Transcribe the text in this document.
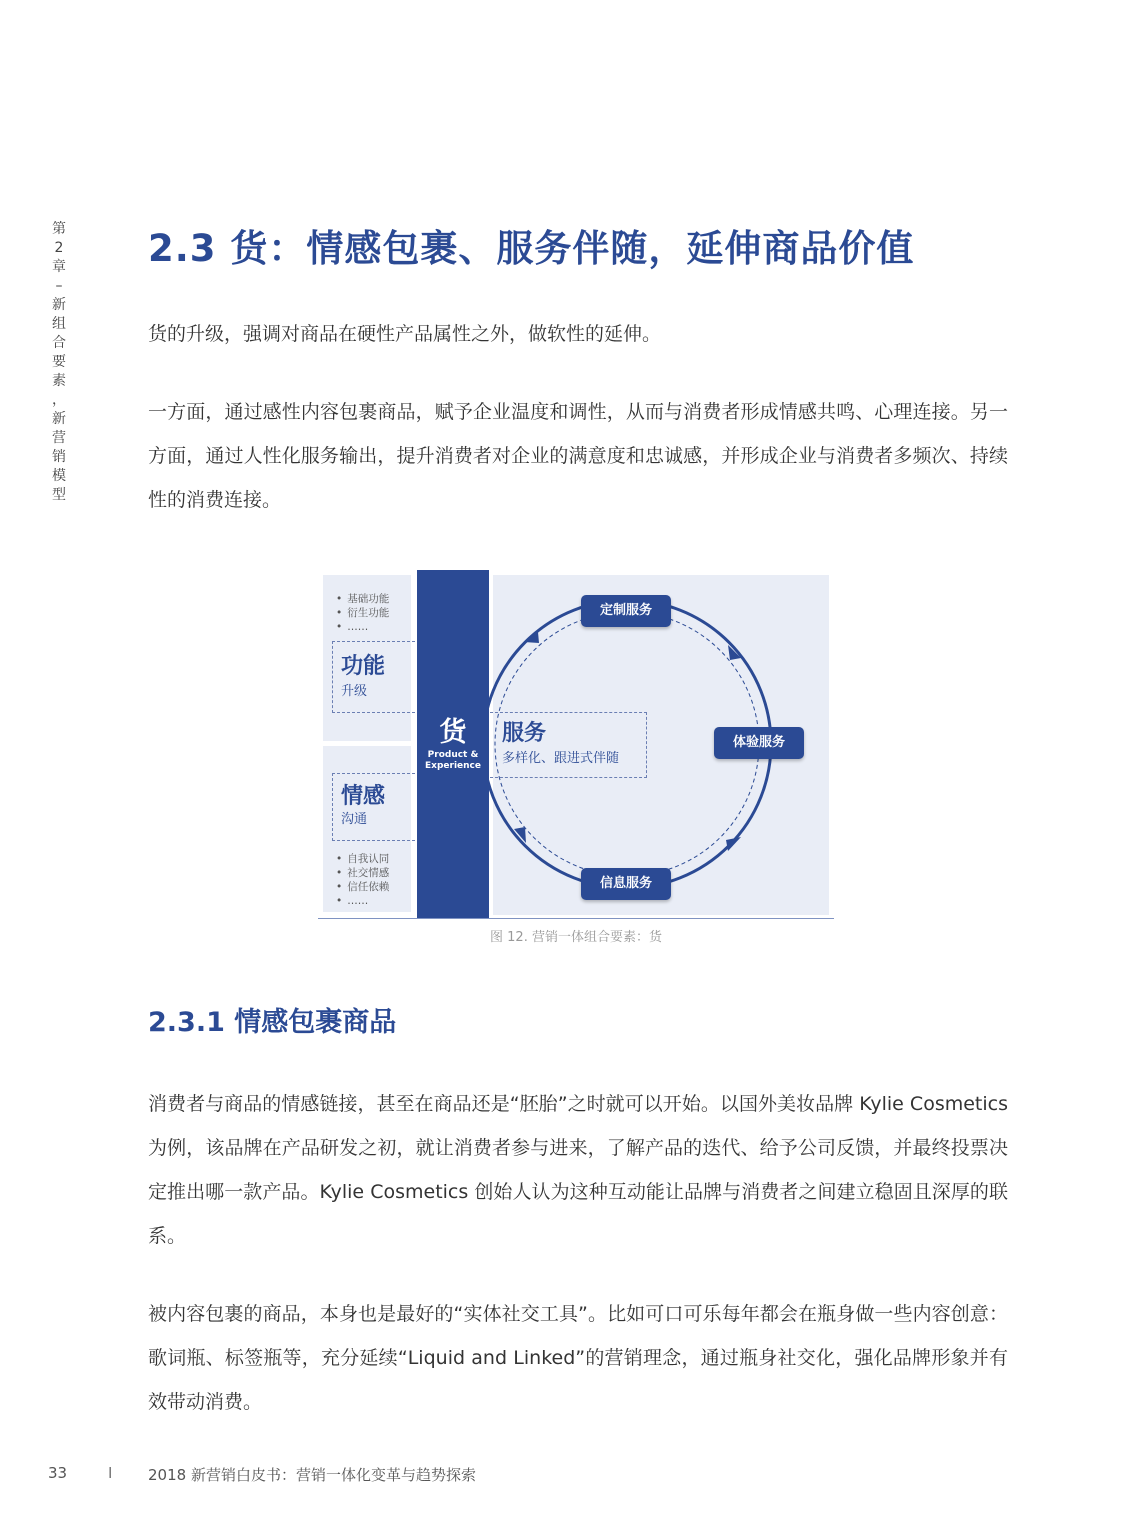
第
2
章
–
新
组
合
要
素
，
新
营
销
模
型
2.3 货：情感包裹、服务伴随，延伸商品价值
货的升级，强调对商品在硬性产品属性之外，做软性的延伸。
一方面，通过感性内容包裹商品，赋予企业温度和调性，从而与消费者形成情感共鸣、心理连接。另一方面，通过人性化服务输出，提升消费者对企业的满意度和忠诚感，并形成企业与消费者多频次、持续性的消费连接。
• 基础功能
• 衍生功能
• ……
功能
升级
情感
沟通
• 自我认同
• 社交情感
• 信任依赖
• ……
服务
多样化、跟进式伴随
货
Product &
Experience
定制服务
体验服务
信息服务
图 12. 营销一体组合要素：货
2.3.1 情感包裹商品
消费者与商品的情感链接，甚至在商品还是“胚胎”之时就可以开始。以国外美妆品牌 Kylie Cosmetics 为例，该品牌在产品研发之初，就让消费者参与进来，了解产品的迭代、给予公司反馈，并最终投票决定推出哪一款产品。Kylie Cosmetics 创始人认为这种互动能让品牌与消费者之间建立稳固且深厚的联系。
被内容包裹的商品，本身也是最好的“实体社交工具”。比如可口可乐每年都会在瓶身做一些内容创意：歌词瓶、标签瓶等，充分延续“Liquid and Linked”的营销理念，通过瓶身社交化，强化品牌形象并有效带动消费。
33	I 2018 新营销白皮书：营销一体化变革与趋势探索
